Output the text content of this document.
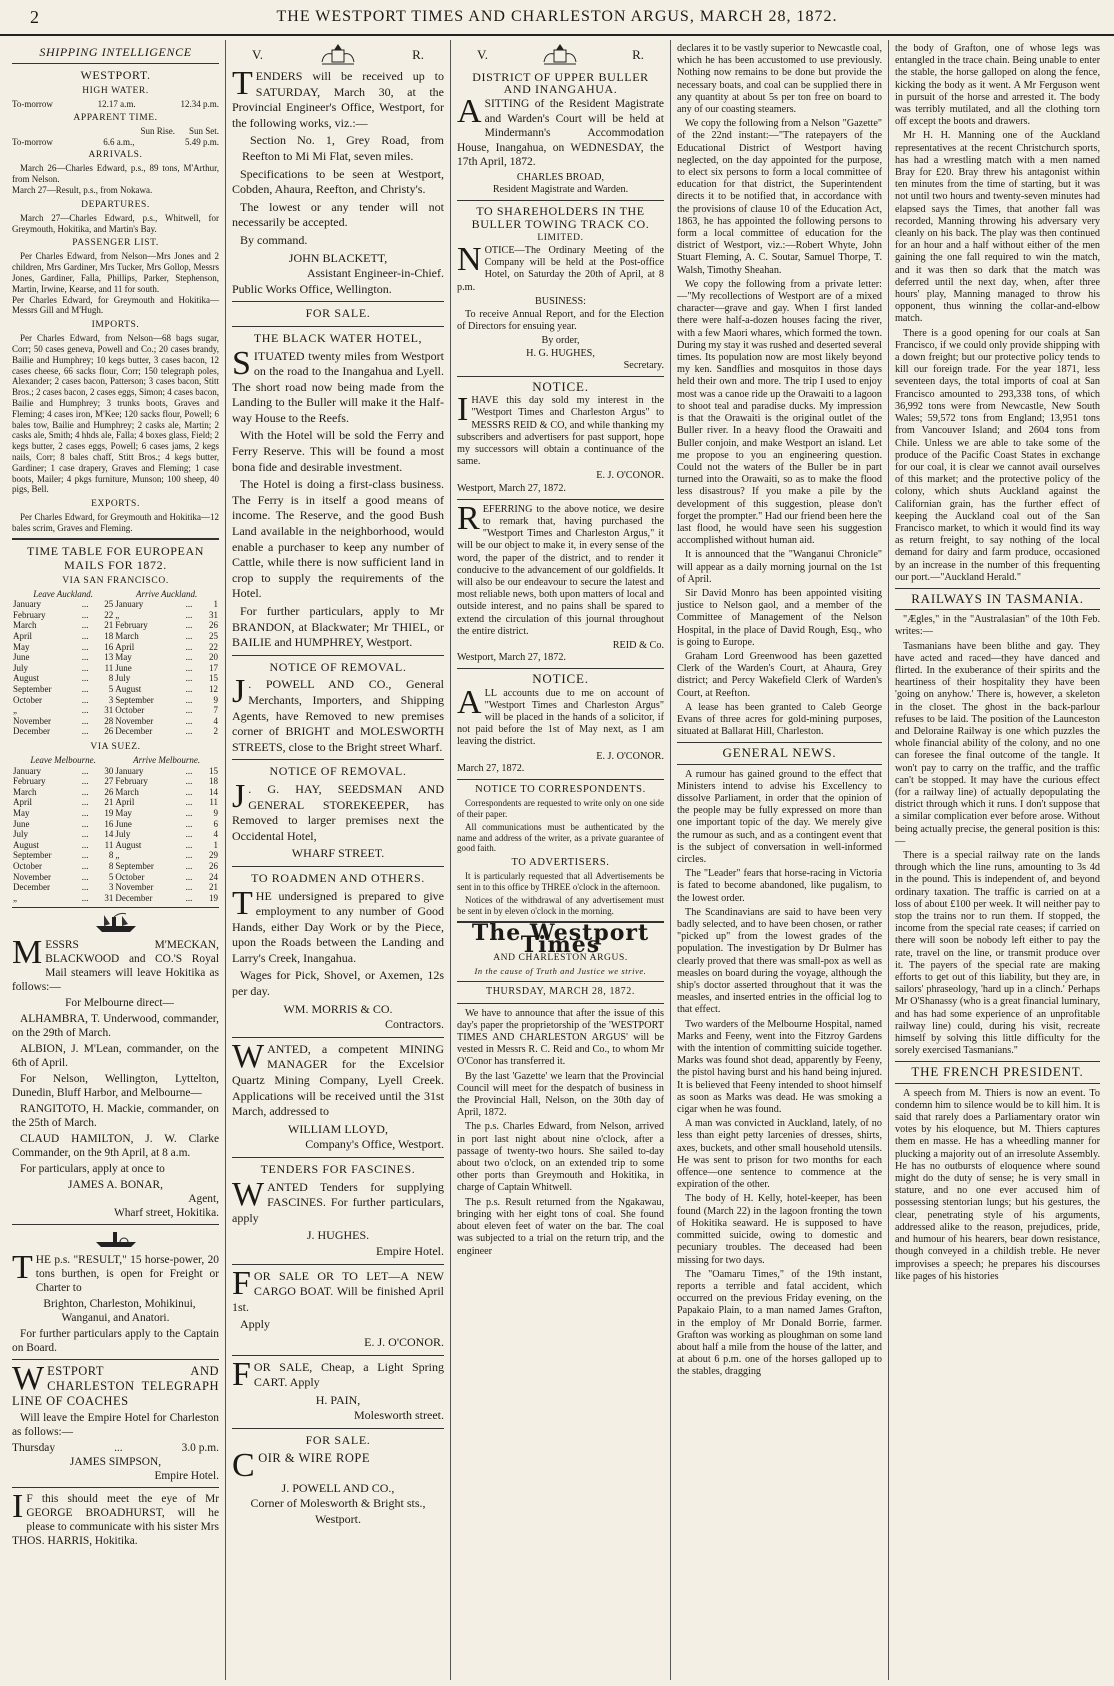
2	THE WESTPORT TIMES AND CHARLESTON ARGUS, MARCH 28, 1872.
SHIPPING INTELLIGENCE
WESTPORT.
HIGH WATER.
To-morrow	12.17 a.m.	12.34 p.m.
APPARENT TIME.
Sun Rise. Sun Set.
To-morrow	6.6 a.m.,	5.49 p.m.
ARRIVALS.
March 26—Charles Edward, p.s., 89 tons, M'Arthur, from Nelson.
March 27—Result, p.s., from Nokawa.
DEPARTURES.
March 27—Charles Edward, p.s., Whitwell, for Greymouth, Hokitika, and Martin's Bay.
PASSENGER LIST.
Per Charles Edward, from Nelson—Mrs Jones and 2 children, Mrs Gardiner, Mrs Tucker, Mrs Gollop, Messrs Jones, Gardiner, Falla, Phillips, Parker, Stephenson, Martin, Irwine, Kearse, and 11 for south.
Per Charles Edward, for Greymouth and Hokitika—Messrs Gill and M'Hugh.
IMPORTS.
Per Charles Edward, from Nelson—68 bags sugar, Corr; 50 cases geneva, Powell and Co.; 20 cases brandy, Bailie and Humphrey; 10 kegs butter, 3 cases bacon, 12 cases cheese, 66 sacks flour, Corr; 150 telegraph poles, Alexander; 2 cases bacon, Patterson; 3 cases bacon, Stitt Bros.; 2 cases bacon, 2 cases eggs, Simon; 4 cases bacon, Bailie and Humphrey; 3 trunks boots, Graves and Fleming; 4 cases iron, M'Kee; 120 sacks flour, Powell; 6 bales tow, Bailie and Humphrey; 2 casks ale, Martin; 2 casks ale, Smith; 4 hhds ale, Falla; 4 boxes glass, Field; 2 kegs butter, 2 cases eggs, Powell; 6 cases jams, 2 kegs nails, Corr; 8 bales chaff, Stitt Bros.; 4 kegs butter, Gardiner; 1 case drapery, Graves and Fleming; 1 case boots, Mailer; 4 pkgs furniture, Munson; 100 sheep, 40 pigs, Bell.
EXPORTS.
Per Charles Edward, for Greymouth and Hokitika—12 bales scrim, Graves and Fleming.
TIME TABLE FOR EUROPEAN MAILS FOR 1872.
VIA SAN FRANCISCO.
Leave Auckland.			Arrive Auckland.		
January	...	25	January	...	1
February	...	22	„	...	31
March	...	21	February	...	26
April	...	18	March	...	25
May	...	16	April	...	22
June	...	13	May	...	20
July	...	11	June	...	17
August	...	8	July	...	15
September	...	5	August	...	12
October	...	3	September	...	9
„	...	31	October	...	7
November	...	28	November	...	4
December	...	26	December	...	2
VIA SUEZ.
Leave Melbourne.			Arrive Melbourne.		
January	...	30	January	...	15
February	...	27	February	...	18
March	...	26	March	...	14
April	...	21	April	...	11
May	...	19	May	...	9
June	...	16	June	...	6
July	...	14	July	...	4
August	...	11	August	...	1
September	...	8	„	...	29
October	...	8	September	...	26
November	...	5	October	...	24
December	...	3	November	...	21
„	...	31	December	...	19
MESSRS M'MECKAN, BLACKWOOD and CO.'S Royal Mail steamers will leave Hokitika as follows:—
For Melbourne direct—
ALHAMBRA, T. Underwood, commander, on the 29th of March.
ALBION, J. M'Lean, commander, on the 6th of April.
For Nelson, Wellington, Lyttelton, Dunedin, Bluff Harbor, and Melbourne—
RANGITOTO, H. Mackie, commander, on the 25th of March.
CLAUD HAMILTON, J. W. Clarke Commander, on the 9th April, at 8 a.m.
For particulars, apply at once to
JAMES A. BONAR,
Agent,
Wharf street, Hokitika.
THE p.s. "RESULT," 15 horse-power, 20 tons burthen, is open for Freight or Charter to
Brighton, Charleston, Mohikinui, Wanganui, and Anatori.
For further particulars apply to the Captain on Board.
WESTPORT AND CHARLESTON TELEGRAPH LINE OF COACHES
Will leave the Empire Hotel for Charleston as follows:—
Thursday	...	3.0 p.m.
JAMES SIMPSON,
Empire Hotel.
I F this should meet the eye of Mr GEORGE BROADHURST, will he please to communicate with his sister Mrs THOS. HARRIS, Hokitika.
V.	R.
TENDERS will be received up to SATURDAY, March 30, at the Provincial Engineer's Office, Westport, for the following works, viz.:—
Section No. 1, Grey Road, from Reefton to Mi Mi Flat, seven miles.
Specifications to be seen at Westport, Cobden, Ahaura, Reefton, and Christy's.
The lowest or any tender will not necessarily be accepted.
By command.
JOHN BLACKETT,
Assistant Engineer-in-Chief.
Public Works Office, Wellington.
FOR SALE.
THE BLACK WATER HOTEL,
SITUATED twenty miles from Westport on the road to the Inangahua and Lyell. The short road now being made from the Landing to the Buller will make it the Half-way House to the Reefs.
With the Hotel will be sold the Ferry and Ferry Reserve. This will be found a most bona fide and desirable investment.
The Hotel is doing a first-class business. The Ferry is in itself a good means of income. The Reserve, and the good Bush Land available in the neighborhood, would enable a purchaser to keep any number of Cattle, while there is now sufficient land in crop to supply the requirements of the Hotel.
For further particulars, apply to Mr BRANDON, at Blackwater; Mr THIEL, or BAILIE and HUMPHREY, Westport.
NOTICE OF REMOVAL.
J . POWELL AND CO., General Merchants, Importers, and Shipping Agents, have Removed to new premises corner of BRIGHT and MOLESWORTH STREETS, close to the Bright street Wharf.
NOTICE OF REMOVAL.
J . G. HAY, SEEDSMAN AND GENERAL STOREKEEPER, has Removed to larger premises next the Occidental Hotel,
WHARF STREET.
TO ROADMEN AND OTHERS.
THE undersigned is prepared to give employment to any number of Good Hands, either Day Work or by the Piece, upon the Roads between the Landing and Larry's Creek, Inangahua.
Wages for Pick, Shovel, or Axemen, 12s per day.
WM. MORRIS & CO.
Contractors.
WANTED, a competent MINING MANAGER for the Excelsior Quartz Mining Company, Lyell Creek. Applications will be received until the 31st March, addressed to
WILLIAM LLOYD,
Company's Office, Westport.
TENDERS FOR FASCINES.
WANTED Tenders for supplying FASCINES. For further particulars, apply
J. HUGHES.
Empire Hotel.
FOR SALE OR TO LET—A NEW CARGO BOAT. Will be finished April 1st.
Apply
E. J. O'CONOR.
FOR SALE, Cheap, a Light Spring CART. Apply
H. PAIN,
Molesworth street.
FOR SALE.
COIR & WIRE ROPE
J. POWELL AND CO.,
Corner of Molesworth & Bright sts., Westport.
V.	R.
DISTRICT OF UPPER BULLER AND INANGAHUA.
ASITTING of the Resident Magistrate and Warden's Court will be held at Mindermann's Accommodation House, Inangahua, on WEDNESDAY, the 17th April, 1872.
CHARLES BROAD,
Resident Magistrate and Warden.
TO SHAREHOLDERS IN THE BULLER TOWING TRACK CO.
LIMITED.
NOTICE—The Ordinary Meeting of the Company will be held at the Post-office Hotel, on Saturday the 20th of April, at 8 p.m.
BUSINESS:
To receive Annual Report, and for the Election of Directors for ensuing year.
By order,
H. G. HUGHES,
Secretary.
NOTICE.
IHAVE this day sold my interest in the "Westport Times and Charleston Argus" to MESSRS REID & CO, and while thanking my subscribers and advertisers for past support, hope my successors will obtain a continuance of the same.
E. J. O'CONOR.
Westport, March 27, 1872.
REFERRING to the above notice, we desire to remark that, having purchased the "Westport Times and Charleston Argus," it will be our object to make it, in every sense of the word, the paper of the district, and to render it conducive to the advancement of our goldfields. It will also be our endeavour to secure the latest and most reliable news, both upon matters of local and outside interest, and no pains shall be spared to extend the circulation of this journal throughout the entire district.
REID & Co.
Westport, March 27, 1872.
NOTICE.
ALL accounts due to me on account of "Westport Times and Charleston Argus" will be placed in the hands of a solicitor, if not paid before the 1st of May next, as I am leaving the district.
E. J. O'CONOR.
March 27, 1872.
NOTICE TO CORRESPONDENTS.
Correspondents are requested to write only on one side of their paper.
All communications must be authenticated by the name and address of the writer, as a private guarantee of good faith.
TO ADVERTISERS.
It is particularly requested that all Advertisements be sent in to this office by THREE o'clock in the afternoon.
Notices of the withdrawal of any advertisement must be sent in by eleven o'clock in the morning.
The Westport Times
AND CHARLESTON ARGUS.
In the cause of Truth and Justice we strive.
THURSDAY, MARCH 28, 1872.
We have to announce that after the issue of this day's paper the proprietorship of the 'WESTPORT TIMES AND CHARLESTON ARGUS' will be vested in Messrs R. C. Reid and Co., to whom Mr O'Conor has transferred it.
By the last 'Gazette' we learn that the Provincial Council will meet for the despatch of business in the Provincial Hall, Nelson, on the 30th day of April, 1872.
The p.s. Charles Edward, from Nelson, arrived in port last night about nine o'clock, after a passage of twenty-two hours. She sailed to-day about two o'clock, on an extended trip to some other ports than Greymouth and Hokitika, in charge of Captain Whitwell.
The p.s. Result returned from the Ngakawau, bringing with her eight tons of coal. She found about eleven feet of water on the bar. The coal was subjected to a trial on the return trip, and the engineer
declares it to be vastly superior to Newcastle coal, which he has been accustomed to use previously. Nothing now remains to be done but provide the necessary boats, and coal can be supplied there in any quantity at about 5s per ton free on board to any of our coasting steamers.
We copy the following from a Nelson "Gazette" of the 22nd instant:—"The ratepayers of the Educational District of Westport having neglected, on the day appointed for the purpose, to elect six persons to form a local committee of education for that district, the Superintendent directs it to be notified that, in accordance with the provisions of clause 10 of the Education Act, 1863, he has appointed the following persons to form a local committee of education for the district of Westport, viz.:—Robert Whyte, John Stuart Fleming, A. C. Soutar, Samuel Thorpe, T. Walsh, Timothy Sheahan.
We copy the following from a private letter:—"My recollections of Westport are of a mixed character—grave and gay. When I first landed there were half-a-dozen houses facing the river, with a few Maori whares, which formed the town. During my stay it was rushed and deserted several times. Its population now are most likely beyond my ken. Sandflies and mosquitos in those days held their own and more. The trip I used to enjoy most was a canoe ride up the Orawaiti to a lagoon to shoot teal and paradise ducks. My impression is that the Orawaiti is the original outlet of the Buller river. In a heavy flood the Orawaiti and Buller conjoin, and make Westport an island. Let me propose to you an engineering question. Could not the waters of the Buller be in part turned into the Orawaiti, so as to make the flood less disastrous? If you make a pile by the development of this suggestion, please don't forget the prompter." Had our friend been here the last flood, he would have seen his suggestion accomplished without human aid.
It is announced that the "Wanganui Chronicle" will appear as a daily morning journal on the 1st of April.
Sir David Monro has been appointed visiting justice to Nelson gaol, and a member of the Committee of Management of the Nelson Hospital, in the place of David Rough, Esq., who is going to Europe.
Graham Lord Greenwood has been gazetted Clerk of the Warden's Court, at Ahaura, Grey district; and Percy Wakefield Clerk of Warden's Court, at Reefton.
A lease has been granted to Caleb George Evans of three acres for gold-mining purposes, situated at Ballarat Hill, Charleston.
GENERAL NEWS.
A rumour has gained ground to the effect that Ministers intend to advise his Excellency to dissolve Parliament, in order that the opinion of the people may be fully expressed on more than one important topic of the day. We merely give the rumour as such, and as a contingent event that is the subject of conversation in well-informed circles.
The "Leader" fears that horse-racing in Victoria is fated to become abandoned, like pugalism, to the lowest order.
The Scandinavians are said to have been very badly selected, and to have been chosen, or rather "picked up" from the lowest grades of the population. The investigation by Dr Bulmer has clearly proved that there was small-pox as well as measles on board during the voyage, although the ship's doctor asserted throughout that it was the measles, and inserted entries in the official log to that effect.
Two warders of the Melbourne Hospital, named Marks and Feeny, went into the Fitzroy Gardens with the intention of committing suicide together. Marks was found shot dead, apparently by Feeny, the pistol having burst and his hand being injured. It is believed that Feeny intended to shoot himself as soon as Marks was dead. He was smoking a cigar when he was found.
A man was convicted in Auckland, lately, of no less than eight petty larcenies of dresses, shirts, axes, buckets, and other small household utensils. He was sent to prison for two months for each offence—one sentence to commence at the expiration of the other.
The body of H. Kelly, hotel-keeper, has been found (March 22) in the lagoon fronting the town of Hokitika seaward. He is supposed to have committed suicide, owing to domestic and pecuniary troubles. The deceased had been missing for two days.
The "Oamaru Times," of the 19th instant, reports a terrible and fatal accident, which occurred on the previous Friday evening, on the Papakaio Plain, to a man named James Grafton, in the employ of Mr Donald Borrie, farmer. Grafton was working as ploughman on some land about half a mile from the house of the latter, and at about 6 p.m. one of the horses galloped up to the stables, dragging
the body of Grafton, one of whose legs was entangled in the trace chain. Being unable to enter the stable, the horse galloped on along the fence, kicking the body as it went. A Mr Ferguson went in pursuit of the horse and arrested it. The body was terribly mutilated, and all the clothing torn off except the boots and drawers.
Mr H. H. Manning one of the Auckland representatives at the recent Christchurch sports, has had a wrestling match with a men named Bray for £20. Bray threw his antagonist within ten minutes from the time of starting, but it was not until two hours and twenty-seven minutes had elapsed says the Times, that another fall was recorded, Manning throwing his adversary very cleanly on his back. The play was then continued for an hour and a half without either of the men gaining the one fall required to win the match, and it was then so dark that the match was deferred until the next day, when, after three hours' play, Manning managed to throw his opponent, thus winning the collar-and-elbow match.
There is a good opening for our coals at San Francisco, if we could only provide shipping with a down freight; but our protective policy tends to kill our foreign trade. For the year 1871, less seventeen days, the total imports of coal at San Francisco amounted to 293,338 tons, of which 36,992 tons were from Newcastle, New South Wales; 59,572 tons from England; 13,951 tons from Vancouver Island; and 2604 tons from Chile. Unless we are able to take some of the produce of the Pacific Coast States in exchange for our coal, it is clear we cannot avail ourselves of this market; and the protective policy of the colony, which shuts Auckland against the Californian grain, has the further effect of keeping the Auckland coal out of the San Francisco market, to which it would find its way as return freight, to say nothing of the local demand for dairy and farm produce, occasioned by an increase in the number of this frequenting our port.—"Auckland Herald."
RAILWAYS IN TASMANIA.
"Ægles," in the "Australasian" of the 10th Feb. writes:—
Tasmanians have been blithe and gay. They have acted and raced—they have danced and flirted. In the exuberance of their spirits and the heartiness of their hospitality they have been 'going on anyhow.' There is, however, a skeleton in the closet. The ghost in the back-parlour refuses to be laid. The position of the Launceston and Deloraine Railway is one which puzzles the whole financial ability of the colony, and no one can foresee the final outcome of the tangle. It won't pay to carry on the traffic, and the traffic can't be stopped. It may have the curious effect (for a railway line) of actually depopulating the district through which it runs. I don't suppose that a similar complication ever before arose. Without being actually precise, the general position is this:—
There is a special railway rate on the lands through which the line runs, amounting to 3s 4d in the pound. This is independent of, and beyond ordinary taxation. The traffic is carried on at a loss of about £100 per week. It will neither pay to stop the trains nor to run them. If stopped, the income from the special rate ceases; if carried on there will soon be nobody left either to pay the rate, travel on the line, or transmit produce over it. The payers of the special rate are making efforts to get out of this liability, but they are, in sailors' phraseology, 'hard up in a clinch.' Perhaps Mr O'Shanassy (who is a great financial luminary, and has had some experience of an unprofitable railway line) could, during his visit, recreate himself by solving this little difficulty for the sorely exercised Tasmanians."
THE FRENCH PRESIDENT.
A speech from M. Thiers is now an event. To condemn him to silence would be to kill him. It is said that rarely does a Parliamentary orator win votes by his eloquence, but M. Thiers captures them en masse. He has a wheedling manner for plucking a majority out of an irresolute Assembly. He has no outbursts of eloquence where sound might do the duty of sense; he is very small in stature, and no one ever accused him of possessing stentorian lungs; but his gestures, the clear, penetrating style of his arguments, addressed alike to the reason, prejudices, pride, and humour of his hearers, bear down resistance, though conveyed in a childish treble. He never improvises a speech; he prepares his discourses like pages of his histories
